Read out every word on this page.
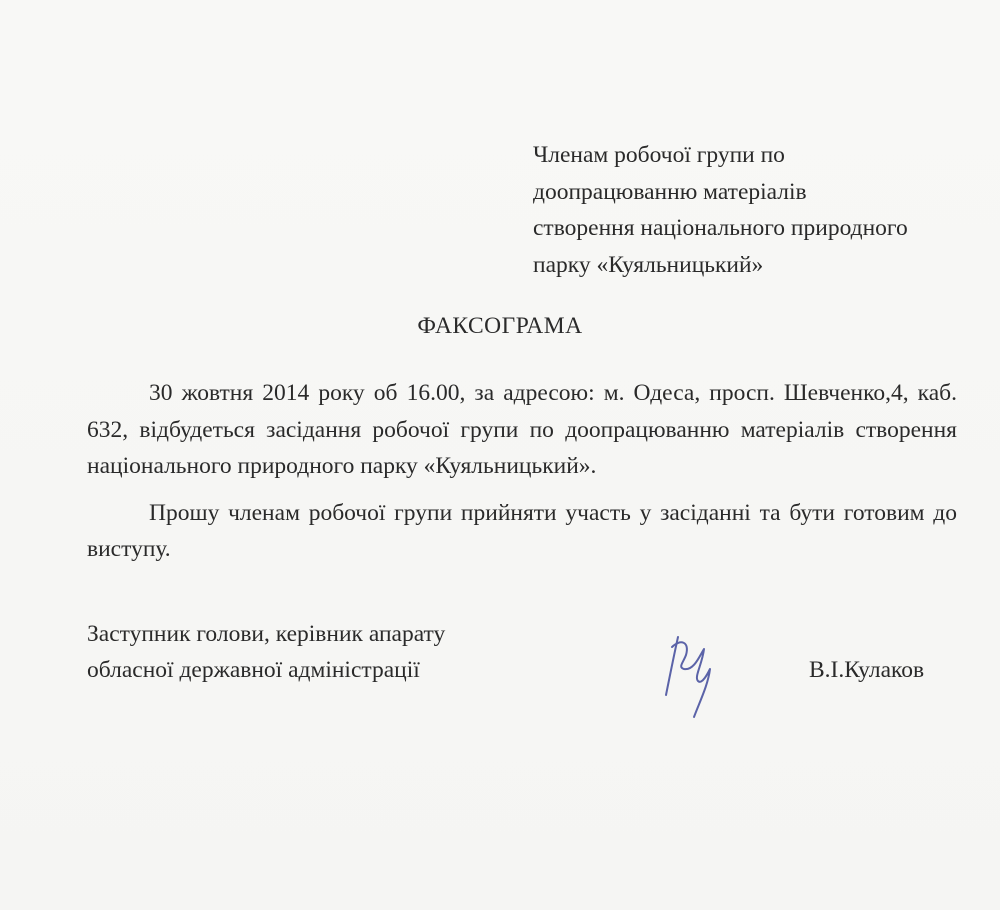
Членам робочої групи по
доопрацюванню матеріалів
створення національного природного
парку «Куяльницький»
ФАКСОГРАМА

30 жовтня 2014 року об 16.00, за адресою: м. Одеса, просп. Шевченко,4, каб. 632, відбудеться засідання робочої групи по доопрацюванню матеріалів створення національного природного парку «Куяльницький».

Прошу членам робочої групи прийняти участь у засіданні та бути готовим до виступу.

Заступник голови, керівник апарату
обласної державної адміністрації	В.І.Кулаков
